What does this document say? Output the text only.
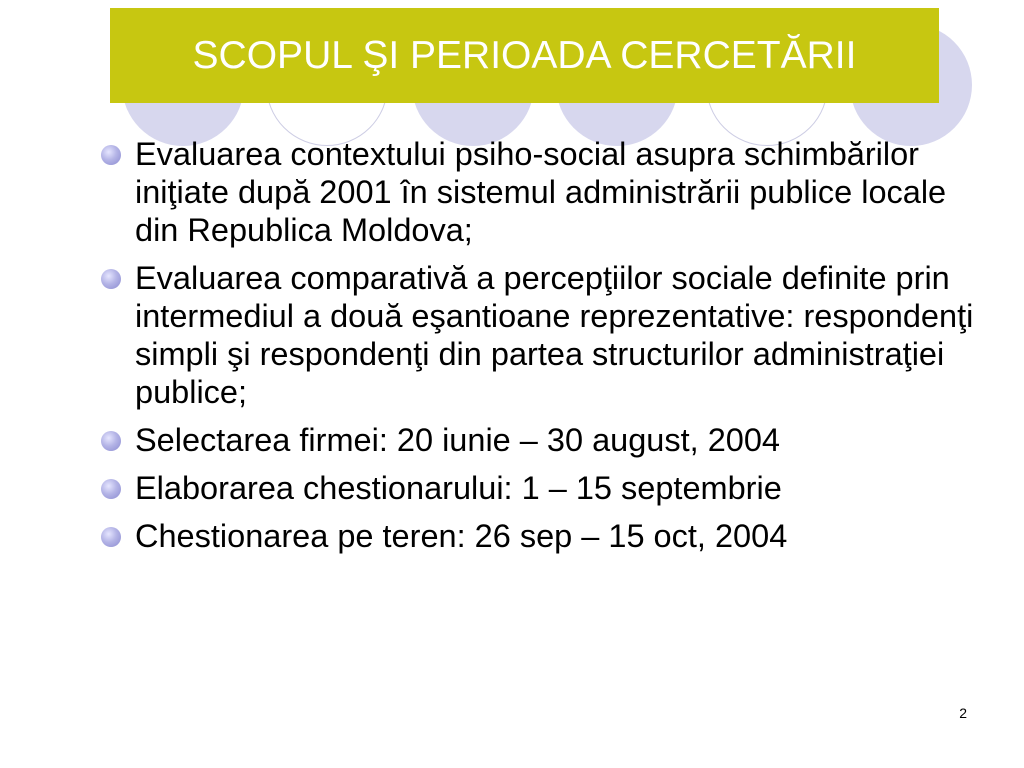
SCOPUL ŞI PERIOADA CERCETĂRII
Evaluarea contextului psiho-social asupra schimbărilor iniţiate după 2001 în sistemul administrării publice locale din Republica Moldova;
Evaluarea comparativă a percepţiilor sociale definite prin intermediul a două eşantioane reprezentative: respondenţi simpli şi respondenţi din partea structurilor administraţiei publice;
Selectarea firmei: 20 iunie – 30 august, 2004
Elaborarea chestionarului: 1 – 15 septembrie
Chestionarea pe teren: 26 sep – 15 oct, 2004
2
